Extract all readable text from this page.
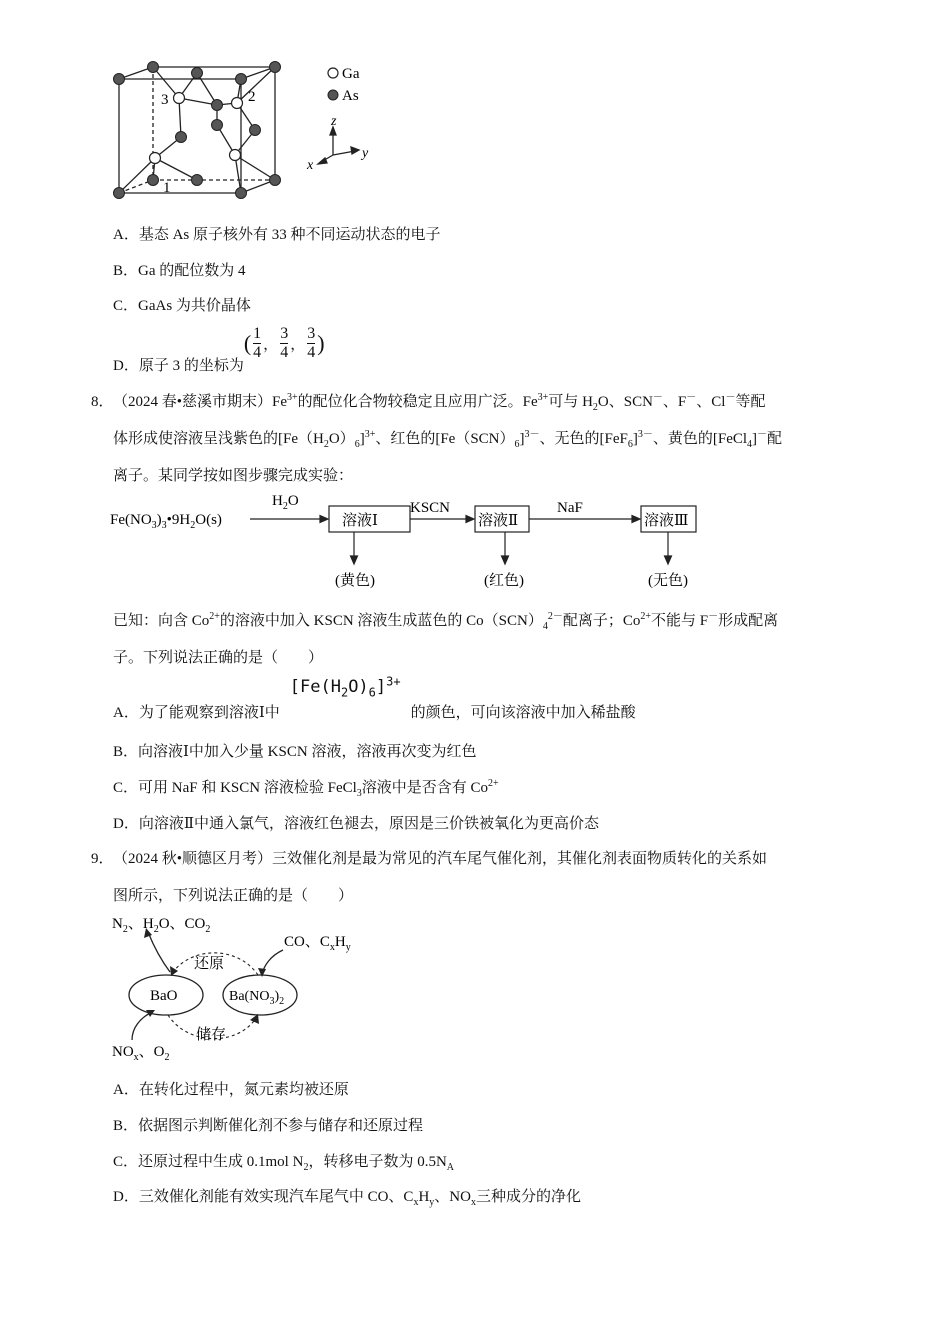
3	2
1
Ga
As
z
y
x
A．基态 As 原子核外有 33 种不同运动状态的电子
B．Ga 的配位数为 4
C．GaAs 为共价晶体
D．原子 3 的坐标为( $\frac{1}{4}$ ， $\frac{3}{4}$ ， $\frac{3}{4}$ )
8． （2024 春•慈溪市期末）$Fe^{3+}$的配位化合物较稳定且应用广泛。$Fe^{3+}$可与 $H_2O$、SCN－、F－、Cl－等配
体形成使溶液呈浅紫色的$[Fe(H_2O)_6]^{3+}$、红色的$[Fe(SCN)_6]^{3-}$、无色的$[FeF_6]^{3-}$、黄色的[FeCl$_4$]－配
离子。某同学按如图步骤完成实验：
$Fe(NO_3)_3•9H_2O(s)$
$H_2O$
溶液Ⅰ
KSCN
溶液Ⅱ
NaF
溶液Ⅲ
(黄色)	(红色)	(无色)
已知：向含 $Co^{2+}$的溶液中加入 KSCN 溶液生成蓝色的 $Co(SCN)_4^{2-}$配离子；$Co^{2+}$不能与 F－形成配离
子。下列说法正确的是（　　）
A．为了能观察到溶液Ⅰ中$[Fe(H_2O)_6]^{3+}$的颜色，可向该溶液中加入稀盐酸
B．向溶液Ⅰ中加入少量 KSCN 溶液，溶液再次变为红色
C．可用 NaF 和 KSCN 溶液检验 FeCl$_3$溶液中是否含有 $Co^{2+}$
D．向溶液Ⅱ中通入氯气，溶液红色褪去，原因是三价铁被氧化为更高价态
9． （2024 秋•顺德区月考）三效催化剂是最为常见的汽车尾气催化剂，其催化剂表面物质转化的关系如
图所示，下列说法正确的是（　　）
$N_2$、$H_2O$、$CO_2$
CO、$C_xH_y$
还原
BaO	$Ba(NO_3)_2$
储存
$NO_x$、$O_2$
A．在转化过程中，氮元素均被还原
B．依据图示判断催化剂不参与储存和还原过程
C．还原过程中生成 0.1mol $N_2$，转移电子数为 $0.5N_A$
D．三效催化剂能有效实现汽车尾气中 CO、$C_xH_y$、$NO_x$三种成分的净化
